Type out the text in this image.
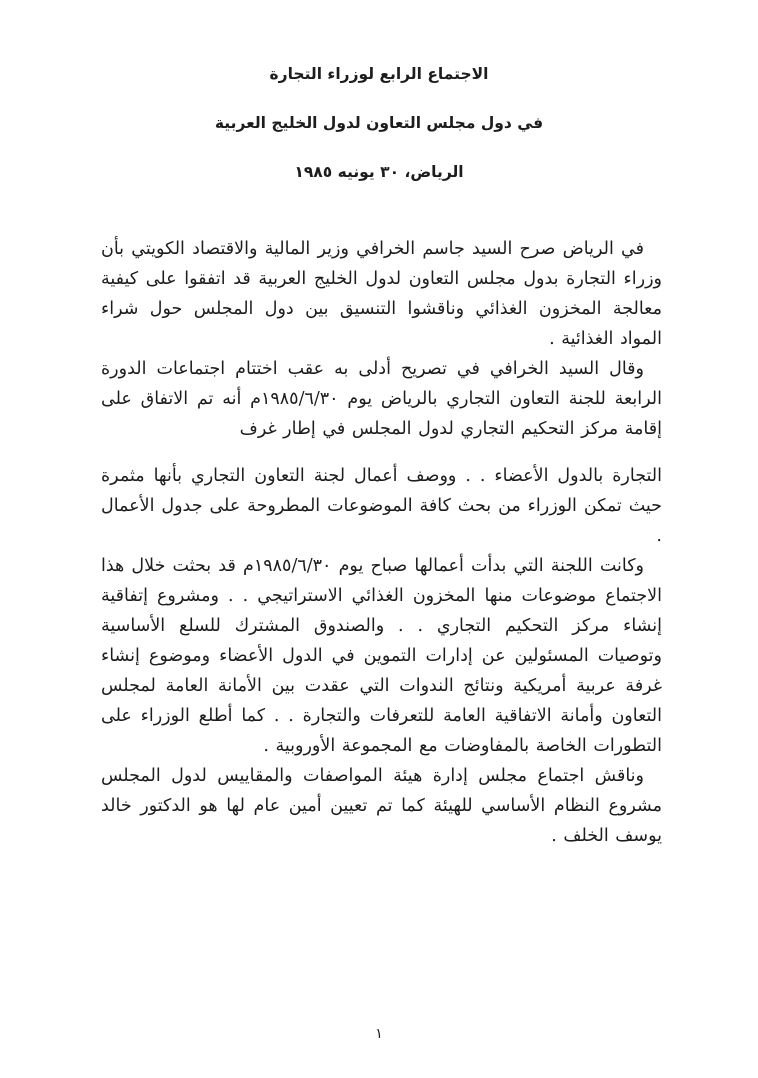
الاجتماع الرابع لوزراء التجارة
في دول مجلس التعاون لدول الخليج العربية
الرياض، ٣٠ يونيه ١٩٨٥

في الرياض صرح السيد جاسم الخرافي وزير المالية والاقتصاد الكويتي بأن وزراء التجارة بدول مجلس التعاون لدول الخليج العربية قد اتفقوا على كيفية معالجة المخزون الغذائي وناقشوا التنسيق بين دول المجلس حول شراء المواد الغذائية .

وقال السيد الخرافي في تصريح أدلى به عقب اختتام اجتماعات الدورة الرابعة للجنة التعاون التجاري بالرياض يوم ١٩٨٥/٦/٣٠م أنه تم الاتفاق على إقامة مركز التحكيم التجاري لدول المجلس في إطار غرف

التجارة بالدول الأعضاء . . ووصف أعمال لجنة التعاون التجاري بأنها مثمرة حيث تمكن الوزراء من بحث كافة الموضوعات المطروحة على جدول الأعمال .

وكانت اللجنة التي بدأت أعمالها صباح يوم ١٩٨٥/٦/٣٠م قد بحثت خلال هذا الاجتماع موضوعات منها المخزون الغذائي الاستراتيجي . . ومشروع إتفاقية إنشاء مركز التحكيم التجاري . . والصندوق المشترك للسلع الأساسية وتوصيات المسئولين عن إدارات التموين في الدول الأعضاء وموضوع إنشاء غرفة عربية أمريكية ونتائج الندوات التي عقدت بين الأمانة العامة لمجلس التعاون وأمانة الاتفاقية العامة للتعرفات والتجارة . . كما أطلع الوزراء على التطورات الخاصة بالمفاوضات مع المجموعة الأوروبية .

وناقش اجتماع مجلس إدارة هيئة المواصفات والمقاييس لدول المجلس مشروع النظام الأساسي للهيئة كما تم تعيين أمين عام لها هو الدكتور خالد يوسف الخلف .

١
